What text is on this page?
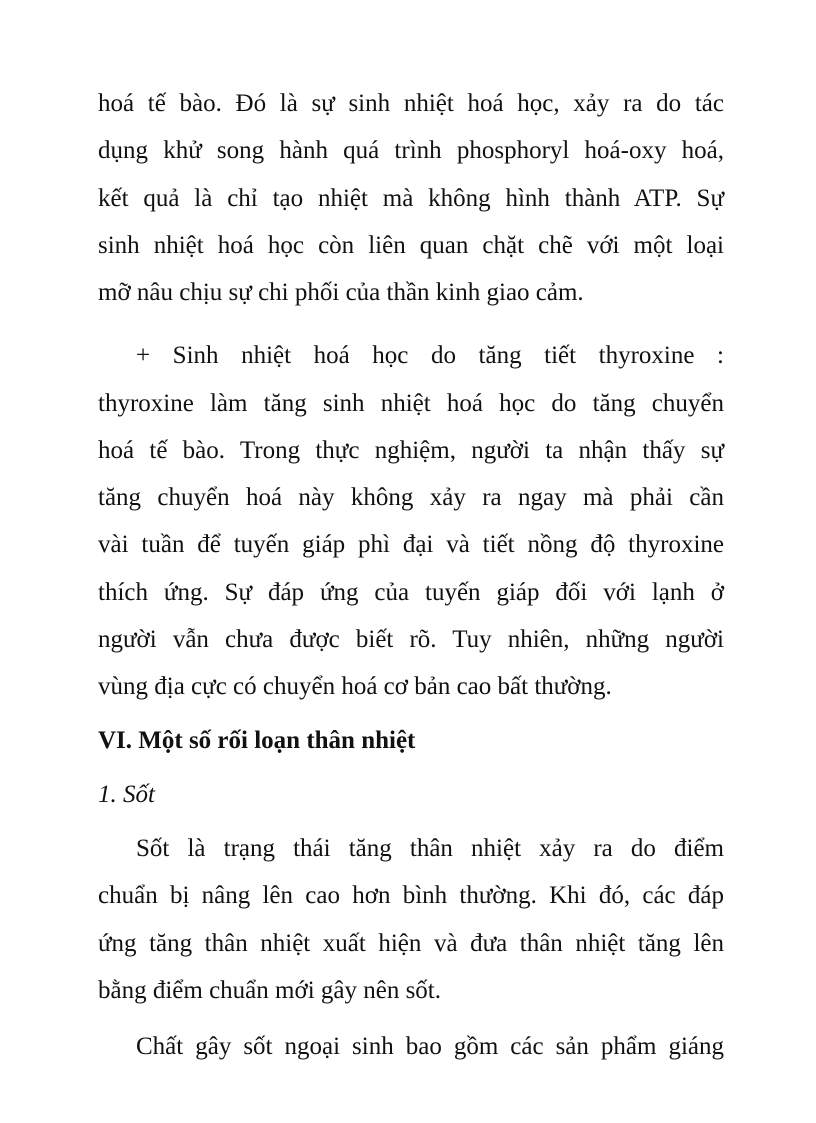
hoá tế bào. Đó là sự sinh nhiệt hoá học, xảy ra do tác
dụng khử song hành quá trình phosphoryl hoá-oxy hoá,
kết quả là chỉ tạo nhiệt mà không hình thành ATP. Sự
sinh nhiệt hoá học còn liên quan chặt chẽ với một loại
mỡ nâu chịu sự chi phối của thần kinh giao cảm.
+ Sinh nhiệt hoá học do tăng tiết thyroxine :
thyroxine làm tăng sinh nhiệt hoá học do tăng chuyển
hoá tế bào. Trong thực nghiệm, người ta nhận thấy sự
tăng chuyển hoá này không xảy ra ngay mà phải cần
vài tuần để tuyến giáp phì đại và tiết nồng độ thyroxine
thích ứng. Sự đáp ứng của tuyến giáp đối với lạnh ở
người vẫn chưa được biết rõ. Tuy nhiên, những người
vùng địa cực có chuyển hoá cơ bản cao bất thường.
VI. Một số rối loạn thân nhiệt
1. Sốt
Sốt là trạng thái tăng thân nhiệt xảy ra do điểm
chuẩn bị nâng lên cao hơn bình thường. Khi đó, các đáp
ứng tăng thân nhiệt xuất hiện và đưa thân nhiệt tăng lên
bằng điểm chuẩn mới gây nên sốt.
Chất gây sốt ngoại sinh bao gồm các sản phẩm giáng
